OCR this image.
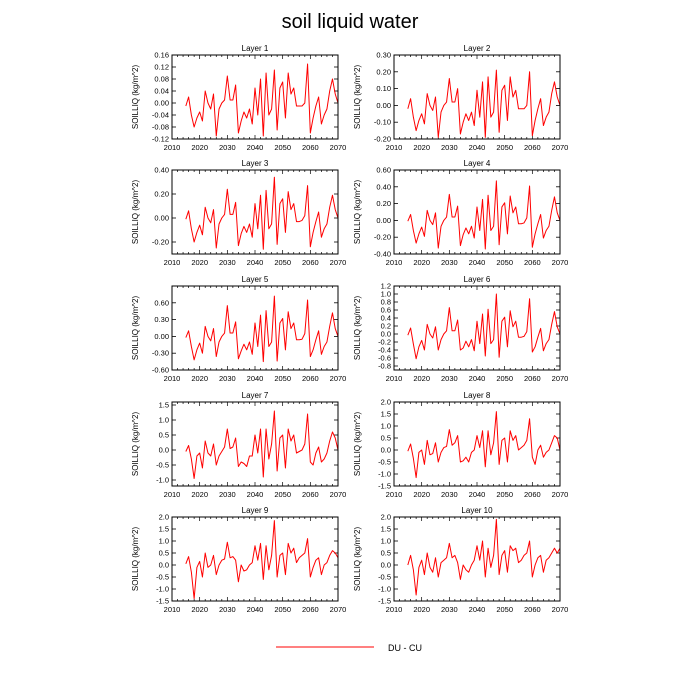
soil liquid water
Layer 1
SOILLIQ (kg/m^2)
-0.12
-0.08
-0.04
0.00
0.04
0.08
0.12
0.16
2010 2020 2030 2040 2050 2060 2070
Layer 2
SOILLIQ (kg/m^2)
-0.20
-0.10
0.00
0.10
0.20
0.30
2010 2020 2030 2040 2050 2060 2070
Layer 3
SOILLIQ (kg/m^2) -0.20
0.00
0.20
0.40
2010 2020 2030 2040 2050 2060 2070
Layer 4
SOILLIQ (kg/m^2)
-0.40
-0.20
0.00
0.20
0.40
0.60
2010 2020 2030 2040 2050 2060 2070
Layer 5
SOILLIQ (kg/m^2)
-0.60
-0.30
0.00
0.30
0.60
2010 2020 2030 2040 2050 2060 2070
Layer 6
SOILLIQ (kg/m^2)
-0.8
-0.6
-0.4
-0.2
0.0
0.2
0.4
0.6
0.8
1.0
1.2
2010 2020 2030 2040 2050 2060 2070
Layer 7
SOILLIQ (kg/m^2)
-1.0
-0.5
0.0
0.5
1.0
1.5
2010 2020 2030 2040 2050 2060 2070
Layer 8
SOILLIQ (kg/m^2)
-1.5
-1.0
-0.5
0.0
0.5
1.0
1.5
2.0
2010 2020 2030 2040 2050 2060 2070
Layer 9
SOILLIQ (kg/m^2)
-1.5
-1.0
-0.5
0.0
0.5
1.0
1.5
2.0
2010 2020 2030 2040 2050 2060 2070
Layer 10
SOILLIQ (kg/m^2)
-1.5
-1.0
-0.5
0.0
0.5
1.0
1.5
2.0
2010 2020 2030 2040 2050 2060 2070
DU - CU
